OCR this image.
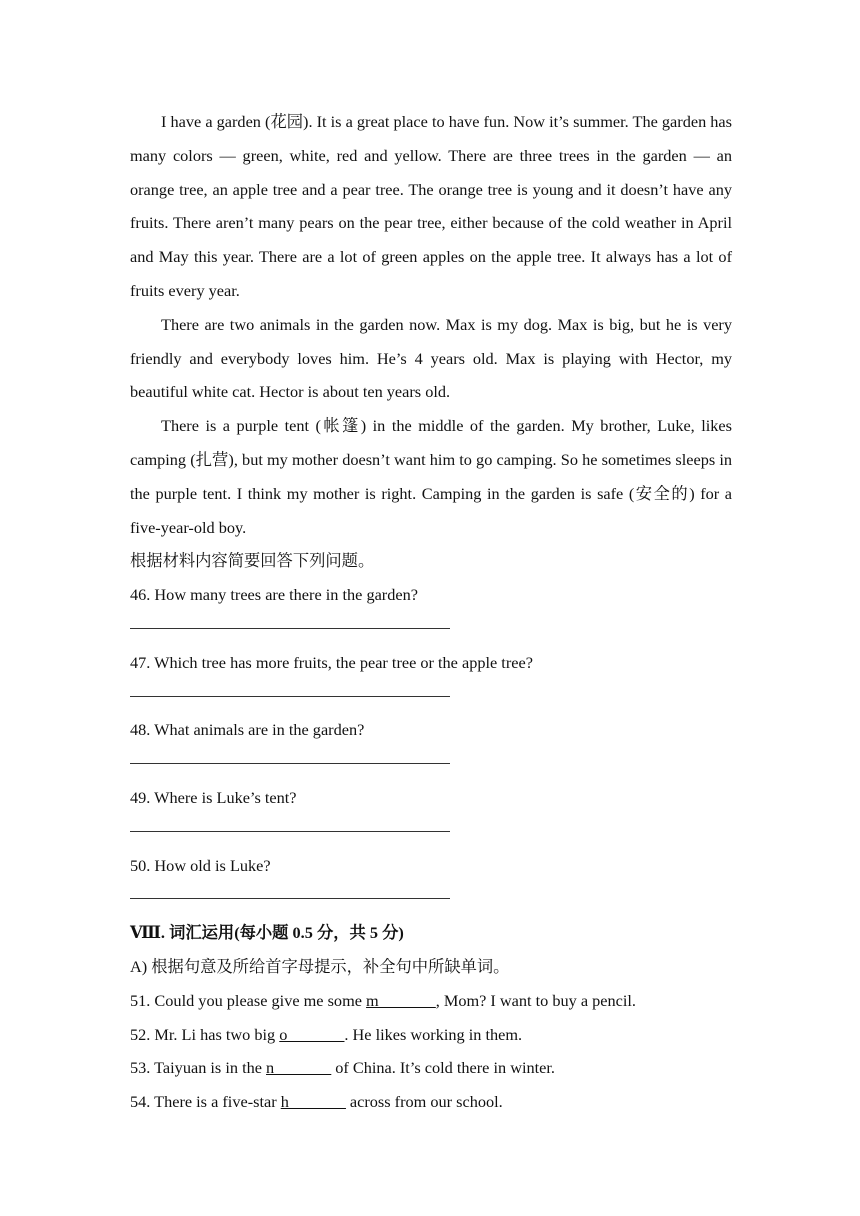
I have a garden (花园). It is a great place to have fun. Now it’s summer. The garden has many colors — green, white, red and yellow. There are three trees in the garden — an orange tree, an apple tree and a pear tree. The orange tree is young and it doesn’t have any fruits. There aren’t many pears on the pear tree, either because of the cold weather in April and May this year. There are a lot of green apples on the apple tree. It always has a lot of fruits every year.

There are two animals in the garden now. Max is my dog. Max is big, but he is very friendly and everybody loves him. He’s 4 years old. Max is playing with Hector, my beautiful white cat. Hector is about ten years old.

There is a purple tent (帐篷) in the middle of the garden. My brother, Luke, likes camping (扎营), but my mother doesn’t want him to go camping. So he sometimes sleeps in the purple tent. I think my mother is right. Camping in the garden is safe (安全的) for a five-year-old boy.

根据材料内容简要回答下列问题。

46. How many trees are there in the garden?

47. Which tree has more fruits, the pear tree or the apple tree?

48. What animals are in the garden?

49. Where is Luke’s tent?

50. How old is Luke?

Ⅷ. 词汇运用(每小题 0.5 分，共 5 分)

A) 根据句意及所给首字母提示，补全句中所缺单词。

51. Could you please give me some m_______, Mom? I want to buy a pencil.

52. Mr. Li has two big o_______. He likes working in them.

53. Taiyuan is in the n_______ of China. It’s cold there in winter.

54. There is a five-star h_______ across from our school.
